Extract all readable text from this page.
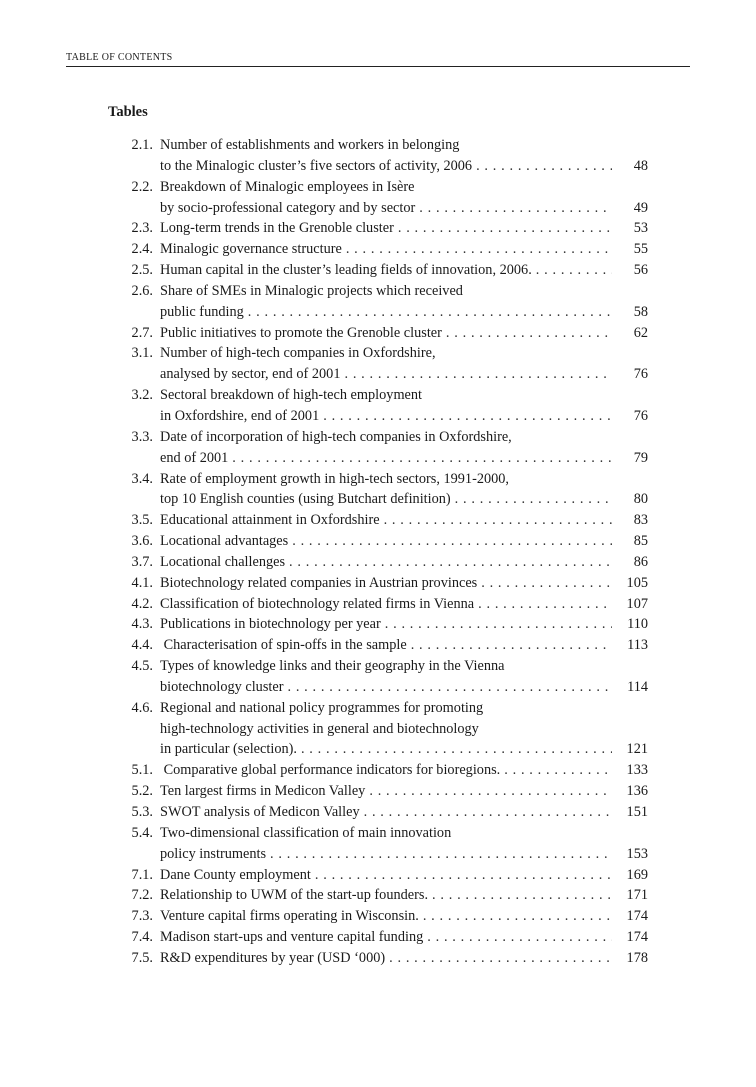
TABLE OF CONTENTS
Tables
2.1. Number of establishments and workers in belonging
to the Minalogic cluster’s five sectors of activity, 2006 . . .	48
2.2. Breakdown of Minalogic employees in Isère
by socio-professional category and by sector . . .	49
2.3. Long-term trends in the Grenoble cluster . . .	53
2.4. Minalogic governance structure . . .	55
2.5. Human capital in the cluster’s leading fields of innovation, 2006. . . .	56
2.6. Share of SMEs in Minalogic projects which received
public funding . . .	58
2.7. Public initiatives to promote the Grenoble cluster . . .	62
3.1. Number of high-tech companies in Oxfordshire,
analysed by sector, end of 2001 . . .	76
3.2. Sectoral breakdown of high-tech employment
in Oxfordshire, end of 2001 . . .	76
3.3. Date of incorporation of high-tech companies in Oxfordshire,
end of 2001 . . .	79
3.4. Rate of employment growth in high-tech sectors, 1991-2000,
top 10 English counties (using Butchart definition) . . .	80
3.5. Educational attainment in Oxfordshire . . .	83
3.6. Locational advantages . . .	85
3.7. Locational challenges . . .	86
4.1. Biotechnology related companies in Austrian provinces . . .	105
4.2. Classification of biotechnology related firms in Vienna . . .	107
4.3. Publications in biotechnology per year . . .	110
4.4. Characterisation of spin-offs in the sample . . .	113
4.5. Types of knowledge links and their geography in the Vienna
biotechnology cluster . . .	114
4.6. Regional and national policy programmes for promoting
high-technology activities in general and biotechnology
in particular (selection). . . .	121
5.1. Comparative global performance indicators for bioregions. . . .	133
5.2. Ten largest firms in Medicon Valley . . .	136
5.3. SWOT analysis of Medicon Valley . . .	151
5.4. Two-dimensional classification of main innovation
policy instruments . . .	153
7.1. Dane County employment . . .	169
7.2. Relationship to UWM of the start-up founders. . . .	171
7.3. Venture capital firms operating in Wisconsin. . . .	174
7.4. Madison start-ups and venture capital funding . . .	174
7.5. R&D expenditures by year (USD ‘000) . . .	178
